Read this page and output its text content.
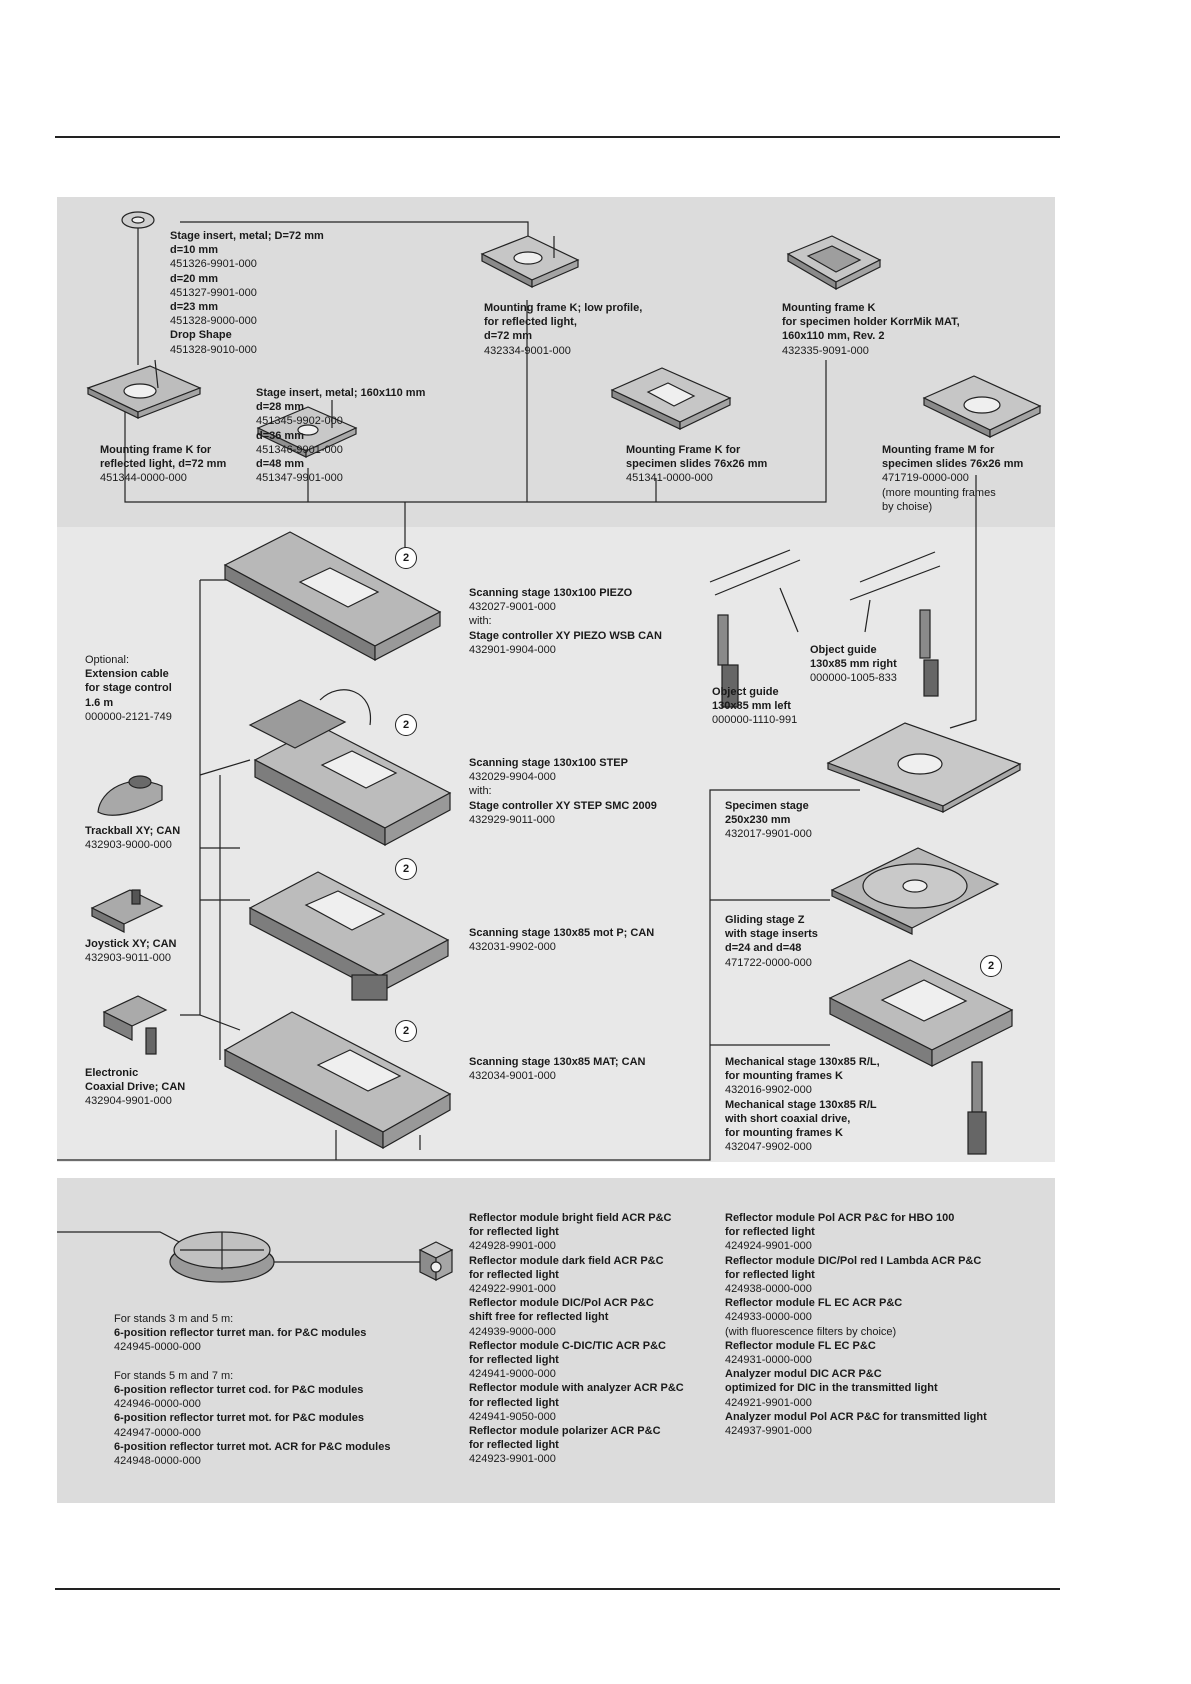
2
2
2
2
2
Stage insert, metal; D=72 mm
d=10 mm
451326-9901-000
d=20 mm
451327-9901-000
d=23 mm
451328-9000-000
Drop Shape
451328-9010-000
Mounting frame K; low profile,
for reflected light,
d=72 mm
432334-9001-000
Mounting frame K
for specimen holder KorrMik MAT,
160x110 mm, Rev. 2
432335-9091-000
Stage insert, metal; 160x110 mm
d=28 mm
451345-9902-000
d=36 mm
451346-9901-000
d=48 mm
451347-9901-000
Mounting frame K for
reflected light, d=72 mm
451344-0000-000
Mounting Frame K for
specimen slides 76x26 mm
451341-0000-000
Mounting frame M for
specimen slides 76x26 mm
471719-0000-000
(more mounting frames
by choise)
Optional:
Extension cable
for stage control
1.6 m
000000-2121-749
Trackball XY; CAN
432903-9000-000
Joystick XY; CAN
432903-9011-000
Electronic
Coaxial Drive; CAN
432904-9901-000
Scanning stage 130x100 PIEZO
432027-9001-000
with:
Stage controller XY PIEZO WSB CAN
432901-9904-000
Scanning stage 130x100 STEP
432029-9904-000
with:
Stage controller XY STEP SMC 2009
432929-9011-000
Scanning stage 130x85 mot P; CAN
432031-9902-000
Scanning stage 130x85 MAT; CAN
432034-9001-000
Object guide
130x85 mm right
000000-1005-833
Object guide
130x85 mm left
000000-1110-991
Specimen stage
250x230 mm
432017-9901-000
Gliding stage Z
with stage inserts
d=24 and d=48
471722-0000-000
Mechanical stage 130x85 R/L,
for mounting frames K
432016-9902-000
Mechanical stage 130x85 R/L
with short coaxial drive,
for mounting frames K
432047-9902-000
For stands 3 m and 5 m:
6-position reflector turret man. for P&C modules
424945-0000-000

For stands 5 m and 7 m:
6-position reflector turret cod. for P&C modules
424946-0000-000
6-position reflector turret mot. for P&C modules
424947-0000-000
6-position reflector turret mot. ACR for P&C modules
424948-0000-000
Reflector module bright field ACR P&C
for reflected light
424928-9901-000
Reflector module dark field ACR P&C
for reflected light
424922-9901-000
Reflector module DIC/Pol ACR P&C
shift free for reflected light
424939-9000-000
Reflector module C-DIC/TIC ACR P&C
for reflected light
424941-9000-000
Reflector module with analyzer ACR P&C
for reflected light
424941-9050-000
Reflector module polarizer ACR P&C
for reflected light
424923-9901-000
Reflector module Pol ACR P&C for HBO 100
for reflected light
424924-9901-000
Reflector module DIC/Pol red I Lambda ACR P&C
for reflected light
424938-0000-000
Reflector module FL EC ACR P&C
424933-0000-000
(with fluorescence filters by choice)
Reflector module FL EC P&C
424931-0000-000
Analyzer modul DIC ACR P&C
optimized for DIC in the transmitted light
424921-9901-000
Analyzer modul Pol ACR P&C for transmitted light
424937-9901-000
